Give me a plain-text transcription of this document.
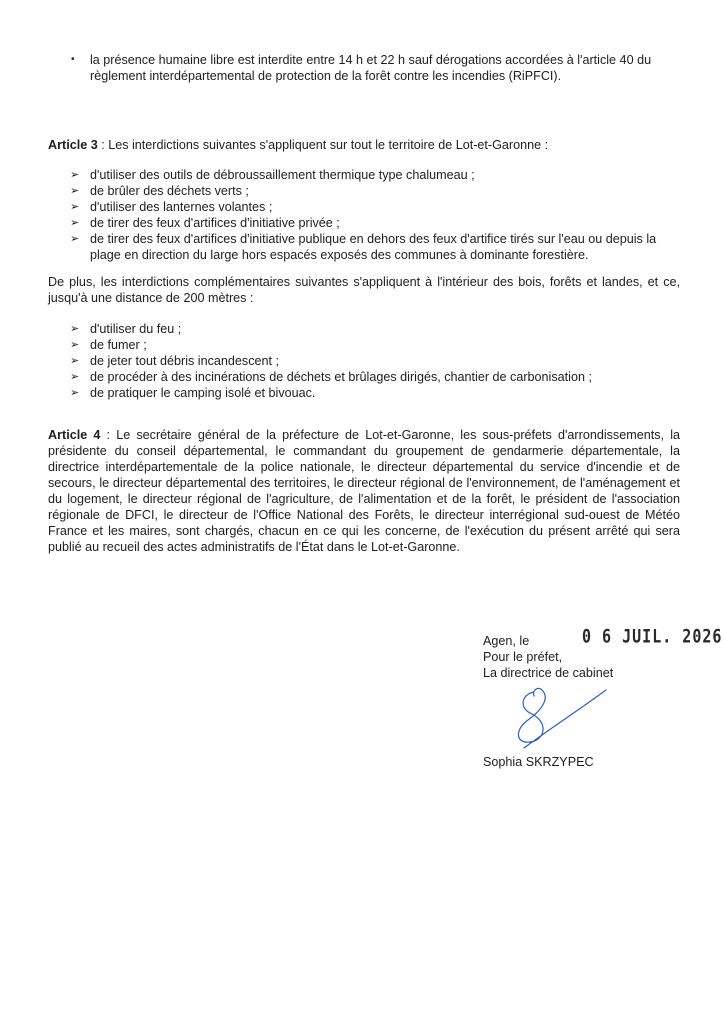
•	la présence humaine libre est interdite entre 14 h et 22 h sauf dérogations accordées à l'article 40 du règlement interdépartemental de protection de la forêt contre les incendies (RiPFCI).
Article 3 : Les interdictions suivantes s'appliquent sur tout le territoire de Lot-et-Garonne :
➢ d'utiliser des outils de débroussaillement thermique type chalumeau ;
➢ de brûler des déchets verts ;
➢ d'utiliser des lanternes volantes ;
➢ de tirer des feux d'artifices d'initiative privée ;
➢ de tirer des feux d'artifices d'initiative publique en dehors des feux d'artifice tirés sur l'eau ou depuis la plage en direction du large hors espacés exposés des communes à dominante forestière.
De plus, les interdictions complémentaires suivantes s'appliquent à l'intérieur des bois, forêts et landes, et ce, jusqu'à une distance de 200 mètres :
➢ d'utiliser du feu ;
➢ de fumer ;
➢ de jeter tout débris incandescent ;
➢ de procéder à des incinérations de déchets et brûlages dirigés, chantier de carbonisation ;
➢ de pratiquer le camping isolé et bivouac.
Article 4 : Le secrétaire général de la préfecture de Lot-et-Garonne, les sous-préfets d'arrondissements, la présidente du conseil départemental, le commandant du groupement de gendarmerie départementale, la directrice interdépartementale de la police nationale, le directeur départemental du service d'incendie et de secours, le directeur départemental des territoires, le directeur régional de l'environnement, de l'aménagement et du logement, le directeur régional de l'agriculture, de l'alimentation et de la forêt, le président de l'association régionale de DFCI, le directeur de l'Office National des Forêts, le directeur interrégional sud-ouest de Météo France et les maires, sont chargés, chacun en ce qui les concerne, de l'exécution du présent arrêté qui sera publié au recueil des actes administratifs de l'État dans le Lot-et-Garonne.
Agen, le
Pour le préfet,
La directrice de cabinet
0 6 JUIL. 2026
Sophia SKRZYPEC
